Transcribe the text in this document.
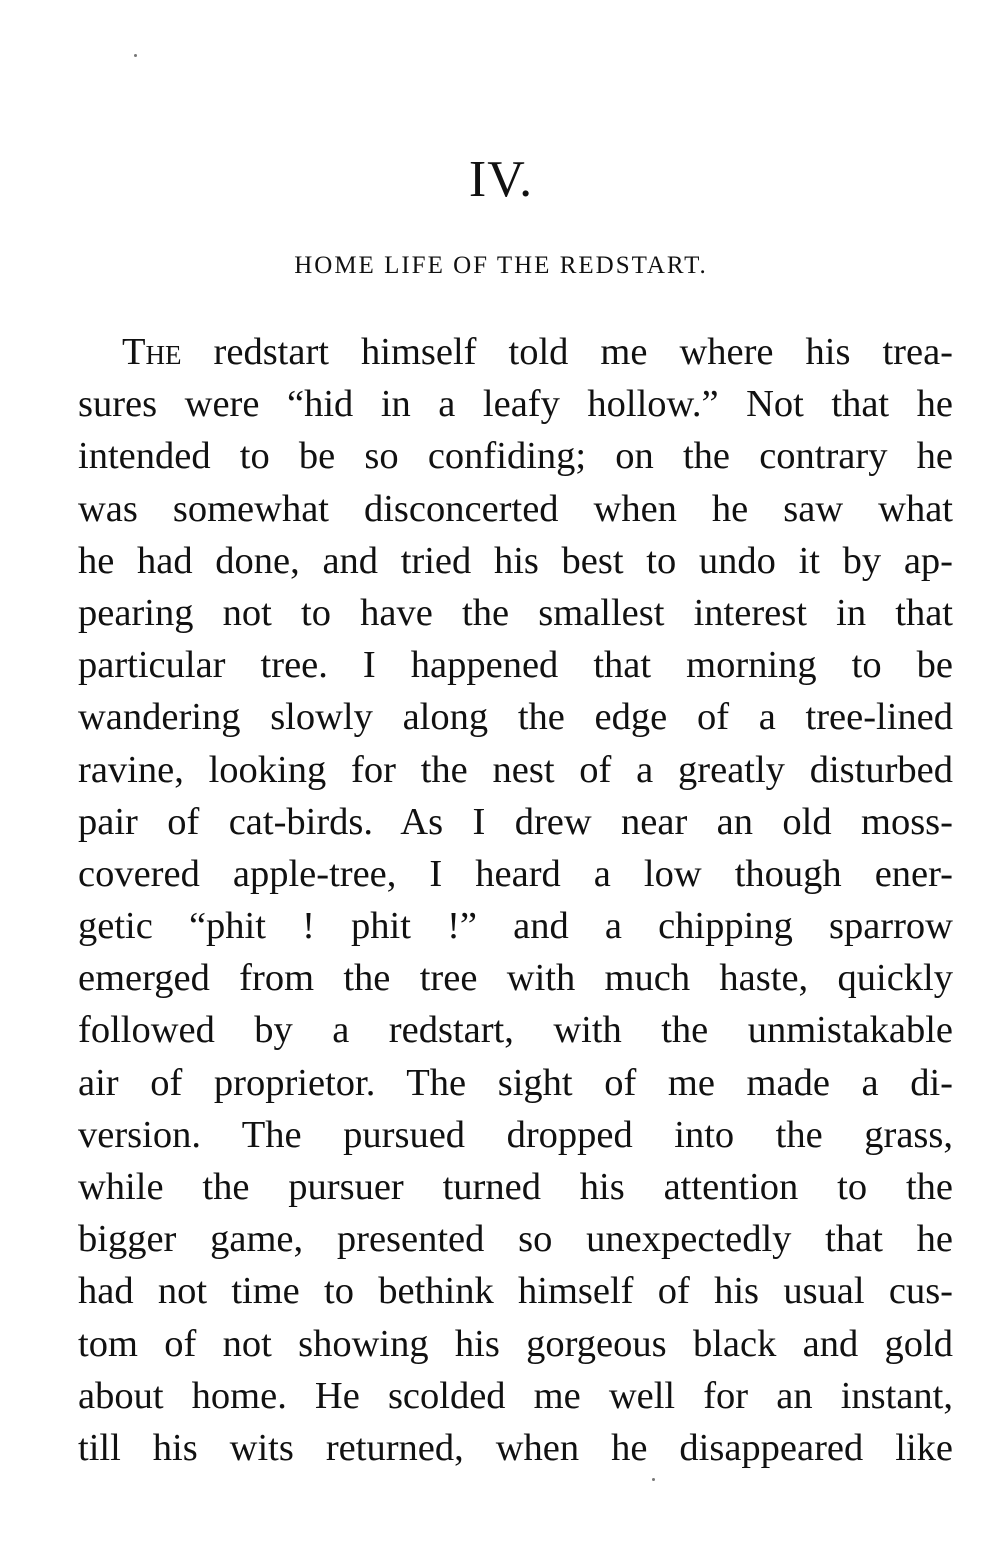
IV.
HOME LIFE OF THE REDSTART.
The redstart himself told me where his trea-
sures were “hid in a leafy hollow.” Not that he
intended to be so confiding; on the contrary he
was somewhat disconcerted when he saw what
he had done, and tried his best to undo it by ap-
pearing not to have the smallest interest in that
particular tree. I happened that morning to be
wandering slowly along the edge of a tree-lined
ravine, looking for the nest of a greatly disturbed
pair of cat-birds. As I drew near an old moss-
covered apple-tree, I heard a low though ener-
getic “phit ! phit !” and a chipping sparrow
emerged from the tree with much haste, quickly
followed by a redstart, with the unmistakable
air of proprietor. The sight of me made a di-
version. The pursued dropped into the grass,
while the pursuer turned his attention to the
bigger game, presented so unexpectedly that he
had not time to bethink himself of his usual cus-
tom of not showing his gorgeous black and gold
about home. He scolded me well for an instant,
till his wits returned, when he disappeared like
